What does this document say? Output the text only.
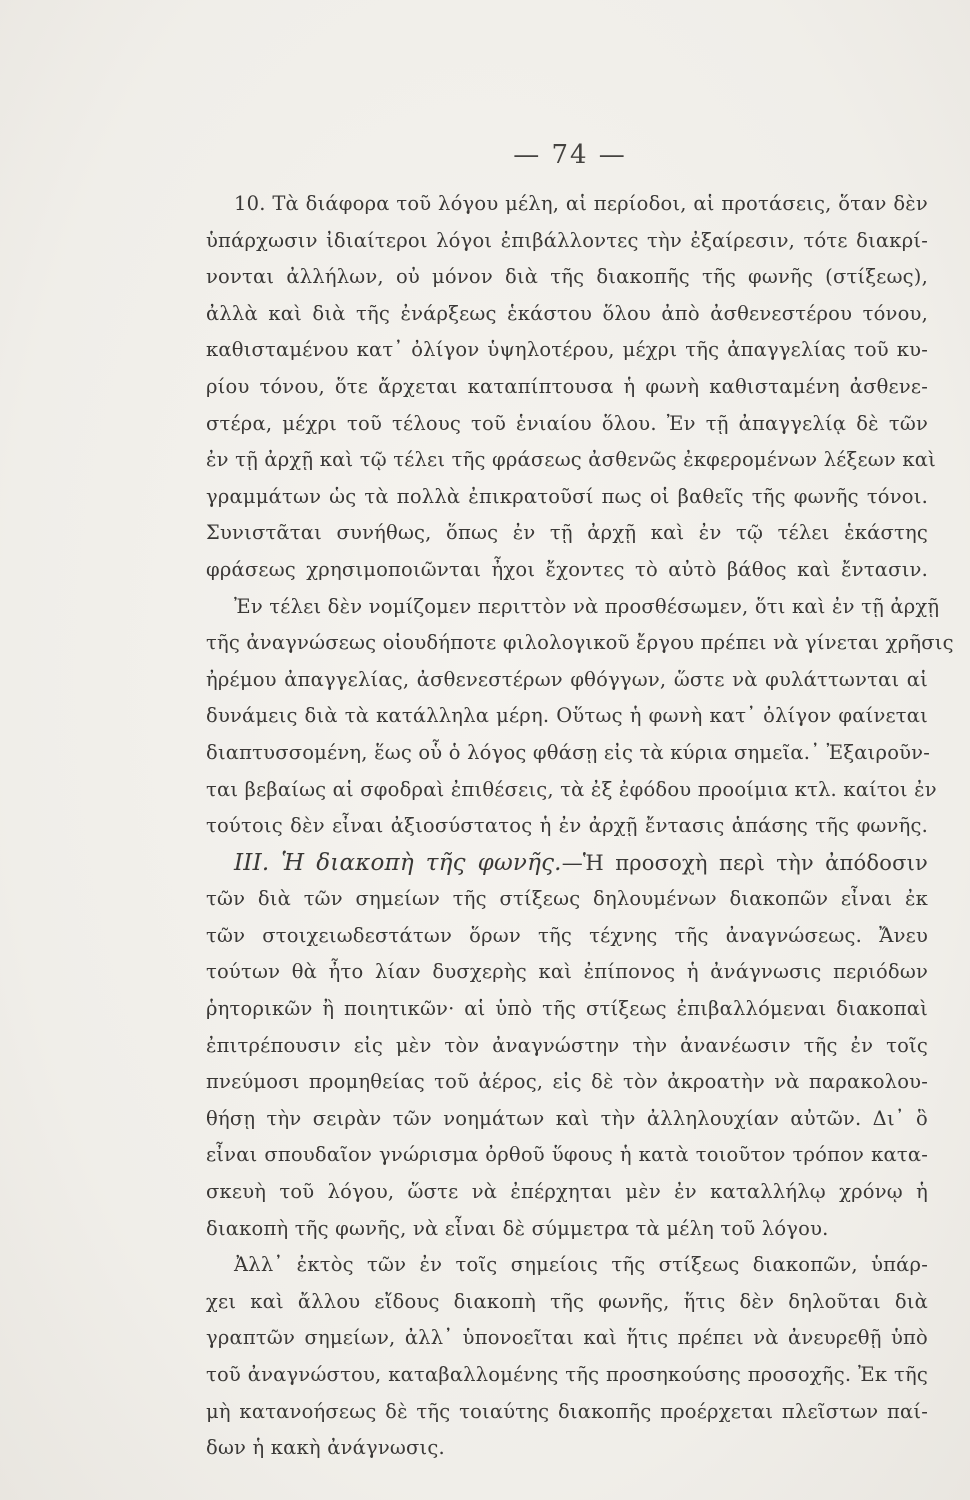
— 74 —
10. Τὰ διάφορα τοῦ λόγου μέλη, αἱ περίοδοι, αἱ προτάσεις, ὅταν δὲν
ὑπάρχωσιν ἰδιαίτεροι λόγοι ἐπιβάλλοντες τὴν ἐξαίρεσιν, τότε διακρί-
νονται ἀλλήλων, οὐ μόνον διὰ τῆς διακοπῆς τῆς φωνῆς (στίξεως),
ἀλλὰ καὶ διὰ τῆς ἐνάρξεως ἑκάστου ὅλου ἀπὸ ἀσθενεστέρου τόνου,
καθισταμένου κατ᾽ ὀλίγον ὑψηλοτέρου, μέχρι τῆς ἀπαγγελίας τοῦ κυ-
ρίου τόνου, ὅτε ἄρχεται καταπίπτουσα ἡ φωνὴ καθισταμένη ἀσθενε-
στέρα, μέχρι τοῦ τέλους τοῦ ἑνιαίου ὅλου. Ἐν τῇ ἀπαγγελίᾳ δὲ τῶν
ἐν τῇ ἀρχῇ καὶ τῷ τέλει τῆς φράσεως ἀσθενῶς ἐκφερομένων λέξεων καὶ
γραμμάτων ὡς τὰ πολλὰ ἐπικρατοῦσί πως οἱ βαθεῖς τῆς φωνῆς τόνοι.
Συνιστᾶται συνήθως, ὅπως ἐν τῇ ἀρχῇ καὶ ἐν τῷ τέλει ἑκάστης
φράσεως χρησιμοποιῶνται ἦχοι ἔχοντες τὸ αὐτὸ βάθος καὶ ἔντασιν.
Ἐν τέλει δὲν νομίζομεν περιττὸν νὰ προσθέσωμεν, ὅτι καὶ ἐν τῇ ἀρχῇ
τῆς ἀναγνώσεως οἱουδήποτε φιλολογικοῦ ἔργου πρέπει νὰ γίνεται χρῆσις
ἠρέμου ἀπαγγελίας, ἀσθενεστέρων φθόγγων, ὥστε νὰ φυλάττωνται αἱ
δυνάμεις διὰ τὰ κατάλληλα μέρη. Οὕτως ἡ φωνὴ κατ᾽ ὀλίγον φαίνεται
διαπτυσσομένη, ἕως οὗ ὁ λόγος φθάσῃ εἰς τὰ κύρια σημεῖα.᾽ Ἐξαιροῦν-
ται βεβαίως αἱ σφοδραὶ ἐπιθέσεις, τὰ ἐξ ἐφόδου προοίμια κτλ. καίτοι ἐν
τούτοις δὲν εἶναι ἀξιοσύστατος ἡ ἐν ἀρχῇ ἔντασις ἁπάσης τῆς φωνῆς.
III. Ἡ διακοπὴ τῆς φωνῆς.—Ἡ προσοχὴ περὶ τὴν ἀπόδοσιν
τῶν διὰ τῶν σημείων τῆς στίξεως δηλουμένων διακοπῶν εἶναι ἐκ
τῶν στοιχειωδεστάτων ὅρων τῆς τέχνης τῆς ἀναγνώσεως. Ἄνευ
τούτων θὰ ἦτο λίαν δυσχερὴς καὶ ἐπίπονος ἡ ἀνάγνωσις περιόδων
ῥητορικῶν ἢ ποιητικῶν· αἱ ὑπὸ τῆς στίξεως ἐπιβαλλόμεναι διακοπαὶ
ἐπιτρέπουσιν εἰς μὲν τὸν ἀναγνώστην τὴν ἀνανέωσιν τῆς ἐν τοῖς
πνεύμοσι προμηθείας τοῦ ἀέρος, εἰς δὲ τὸν ἀκροατὴν νὰ παρακολου-
θήσῃ τὴν σειρὰν τῶν νοημάτων καὶ τὴν ἀλληλουχίαν αὐτῶν. Δι᾽ ὃ
εἶναι σπουδαῖον γνώρισμα ὀρθοῦ ὕφους ἡ κατὰ τοιοῦτον τρόπον κατα-
σκευὴ τοῦ λόγου, ὥστε νὰ ἐπέρχηται μὲν ἐν καταλλήλῳ χρόνῳ ἡ
διακοπὴ τῆς φωνῆς, νὰ εἶναι δὲ σύμμετρα τὰ μέλη τοῦ λόγου.
Ἀλλ᾽ ἐκτὸς τῶν ἐν τοῖς σημείοις τῆς στίξεως διακοπῶν, ὑπάρ-
χει καὶ ἄλλου εἴδους διακοπὴ τῆς φωνῆς, ἥτις δὲν δηλοῦται διὰ
γραπτῶν σημείων, ἀλλ᾽ ὑπονοεῖται καὶ ἥτις πρέπει νὰ ἀνευρεθῇ ὑπὸ
τοῦ ἀναγνώστου, καταβαλλομένης τῆς προσηκούσης προσοχῆς. Ἐκ τῆς
μὴ κατανοήσεως δὲ τῆς τοιαύτης διακοπῆς προέρχεται πλεῖστων παί-
δων ἡ κακὴ ἀνάγνωσις.
